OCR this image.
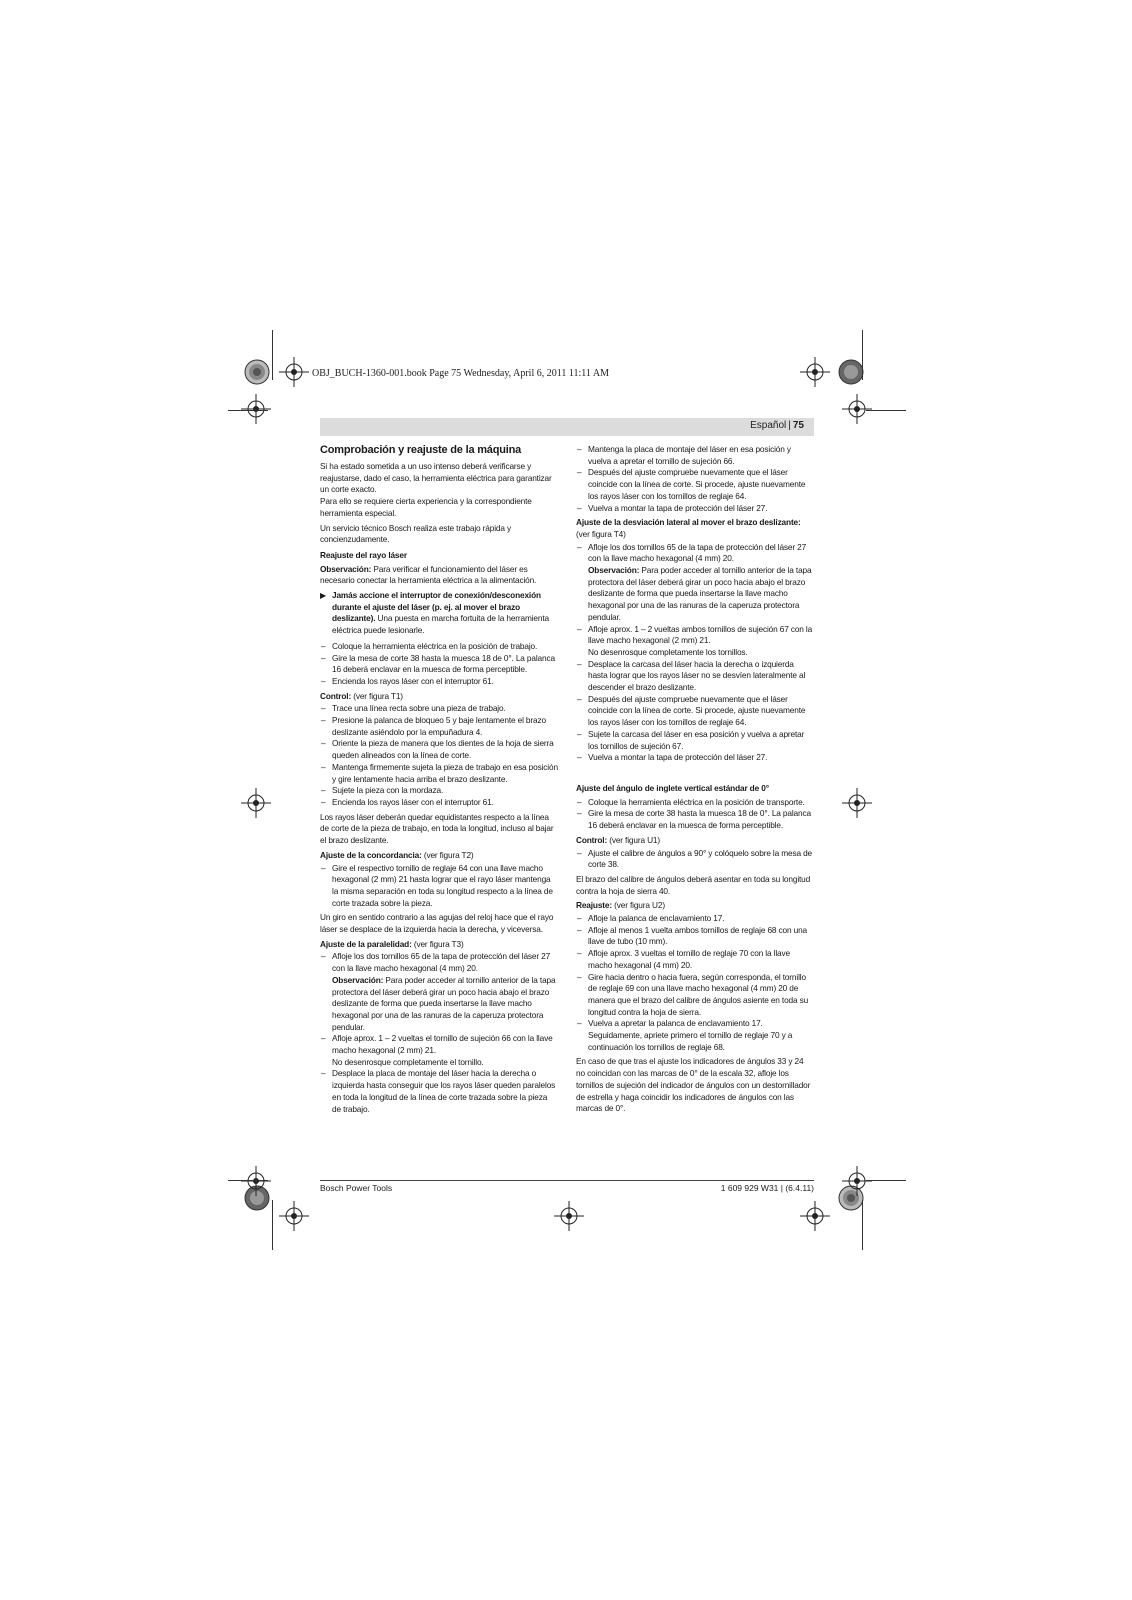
OBJ_BUCH-1360-001.book Page 75 Wednesday, April 6, 2011 11:11 AM
Español | 75
Comprobación y reajuste de la máquina

Si ha estado sometida a un uso intenso deberá verificarse y reajustarse, dado el caso, la herramienta eléctrica para garantizar un corte exacto.

Para ello se requiere cierta experiencia y la correspondiente herramienta especial.

Un servicio técnico Bosch realiza este trabajo rápida y concienzudamente.

Reajuste del rayo láser

Observación: Para verificar el funcionamiento del láser es necesario conectar la herramienta eléctrica a la alimentación.

▶ Jamás accione el interruptor de conexión/desconexión durante el ajuste del láser (p. ej. al mover el brazo deslizante). Una puesta en marcha fortuita de la herramienta eléctrica puede lesionarle.
– Coloque la herramienta eléctrica en la posición de trabajo.
– Gire la mesa de corte 38 hasta la muesca 18 de 0°. La palanca 16 deberá enclavar en la muesca de forma perceptible.
– Encienda los rayos láser con el interruptor 61.

Control: (ver figura T1)

– Trace una línea recta sobre una pieza de trabajo.
– Presione la palanca de bloqueo 5 y baje lentamente el brazo deslizante asiéndolo por la empuñadura 4.
– Oriente la pieza de manera que los dientes de la hoja de sierra queden alineados con la línea de corte.
– Mantenga firmemente sujeta la pieza de trabajo en esa posición y gire lentamente hacia arriba el brazo deslizante.
– Sujete la pieza con la mordaza.
– Encienda los rayos láser con el interruptor 61.

Los rayos láser deberán quedar equidistantes respecto a la línea de corte de la pieza de trabajo, en toda la longitud, incluso al bajar el brazo deslizante.

Ajuste de la concordancia: (ver figura T2)

– Gire el respectivo tornillo de reglaje 64 con una llave macho hexagonal (2 mm) 21 hasta lograr que el rayo láser mantenga la misma separación en toda su longitud respecto a la línea de corte trazada sobre la pieza.

Un giro en sentido contrario a las agujas del reloj hace que el rayo láser se desplace de la izquierda hacia la derecha, y viceversa.

Ajuste de la paralelidad: (ver figura T3)

– Afloje los dos tornillos 65 de la tapa de protección del láser 27 con la llave macho hexagonal (4 mm) 20.
Observación: Para poder acceder al tornillo anterior de la tapa protectora del láser deberá girar un poco hacia abajo el brazo deslizante de forma que pueda insertarse la llave macho hexagonal por una de las ranuras de la caperuza protectora pendular.
– Afloje aprox. 1 – 2 vueltas el tornillo de sujeción 66 con la llave macho hexagonal (2 mm) 21.
No desenrosque completamente el tornillo.
– Desplace la placa de montaje del láser hacia la derecha o izquierda hasta conseguir que los rayos láser queden paralelos en toda la longitud de la línea de corte trazada sobre la pieza de trabajo.
– Mantenga la placa de montaje del láser en esa posición y vuelva a apretar el tornillo de sujeción 66.
– Después del ajuste compruebe nuevamente que el láser coincide con la línea de corte. Si procede, ajuste nuevamente los rayos láser con los tornillos de reglaje 64.
– Vuelva a montar la tapa de protección del láser 27.

Ajuste de la desviación lateral al mover el brazo deslizante: (ver figura T4)

– Afloje los dos tornillos 65 de la tapa de protección del láser 27 con la llave macho hexagonal (4 mm) 20.
Observación: Para poder acceder al tornillo anterior de la tapa protectora del láser deberá girar un poco hacia abajo el brazo deslizante de forma que pueda insertarse la llave macho hexagonal por una de las ranuras de la caperuza protectora pendular.
– Afloje aprox. 1 – 2 vueltas ambos tornillos de sujeción 67 con la llave macho hexagonal (2 mm) 21.
No desenrosque completamente los tornillos.
– Desplace la carcasa del láser hacia la derecha o izquierda hasta lograr que los rayos láser no se desvíen lateralmente al descender el brazo deslizante.
– Después del ajuste compruebe nuevamente que el láser coincide con la línea de corte. Si procede, ajuste nuevamente los rayos láser con los tornillos de reglaje 64.
– Sujete la carcasa del láser en esa posición y vuelva a apretar los tornillos de sujeción 67.
– Vuelva a montar la tapa de protección del láser 27.
Ajuste del ángulo de inglete vertical estándar de 0°
– Coloque la herramienta eléctrica en la posición de transporte.
– Gire la mesa de corte 38 hasta la muesca 18 de 0°. La palanca 16 deberá enclavar en la muesca de forma perceptible.

Control: (ver figura U1)

– Ajuste el calibre de ángulos a 90° y colóquelo sobre la mesa de corte 38.

El brazo del calibre de ángulos deberá asentar en toda su longitud contra la hoja de sierra 40.

Reajuste: (ver figura U2)

– Afloje la palanca de enclavamiento 17.
– Afloje al menos 1 vuelta ambos tornillos de reglaje 68 con una llave de tubo (10 mm).
– Afloje aprox. 3 vueltas el tornillo de reglaje 70 con la llave macho hexagonal (4 mm) 20.
– Gire hacia dentro o hacia fuera, según corresponda, el tornillo de reglaje 69 con una llave macho hexagonal (4 mm) 20 de manera que el brazo del calibre de ángulos asiente en toda su longitud contra la hoja de sierra.
– Vuelva a apretar la palanca de enclavamiento 17. Seguidamente, apriete primero el tornillo de reglaje 70 y a continuación los tornillos de reglaje 68.

En caso de que tras el ajuste los indicadores de ángulos 33 y 24 no coincidan con las marcas de 0° de la escala 32, afloje los tornillos de sujeción del indicador de ángulos con un destornillador de estrella y haga coincidir los indicadores de ángulos con las marcas de 0°.

Bosch Power Tools	1 609 929 W31 | (6.4.11)
